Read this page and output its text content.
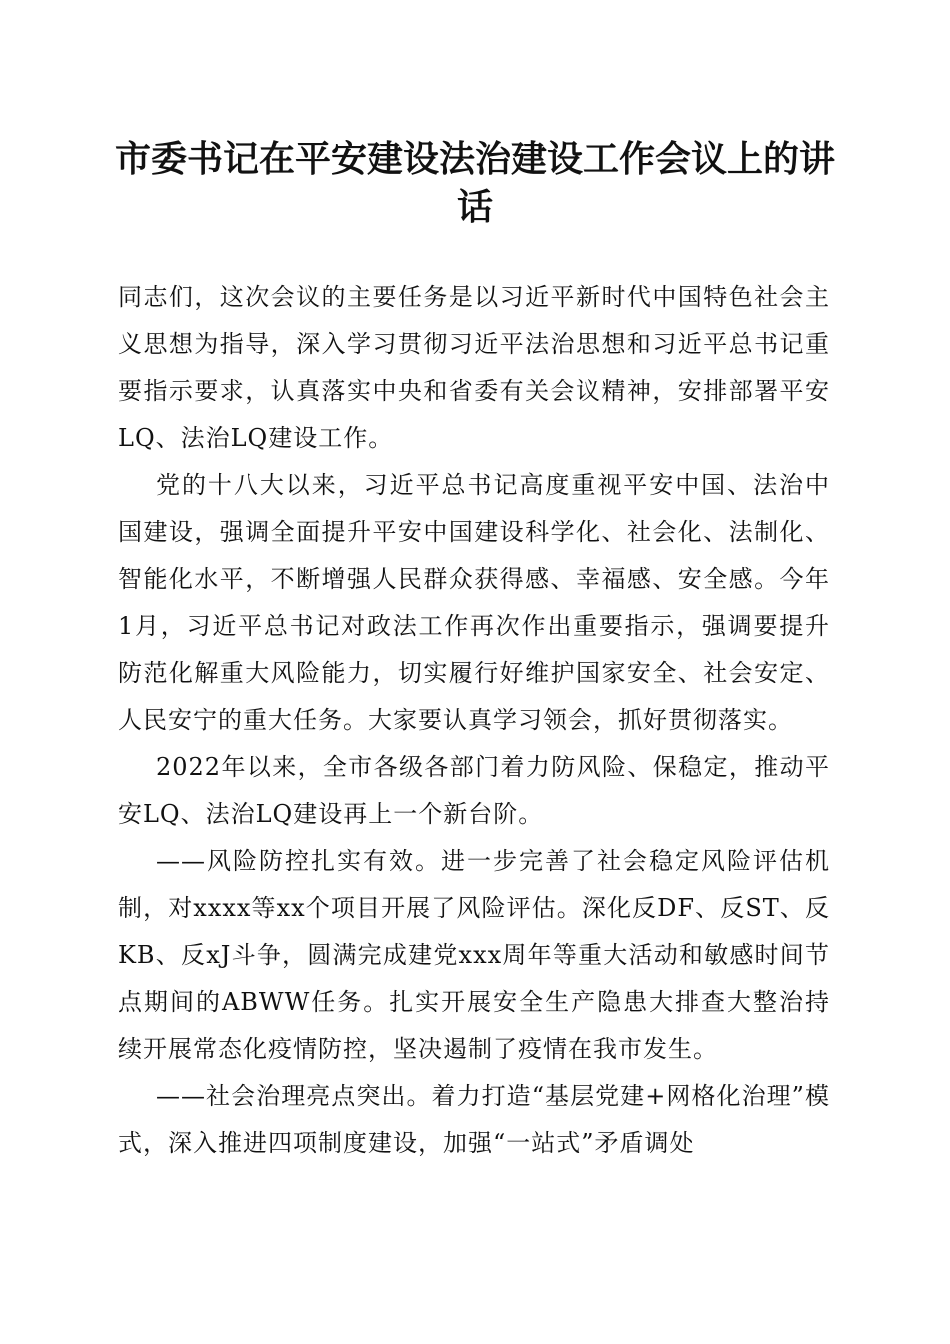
市委书记在平安建设法治建设工作会议上的讲话

同志们，这次会议的主要任务是以习近平新时代中国特色社会主义思想为指导，深入学习贯彻习近平法治思想和习近平总书记重要指示要求，认真落实中央和省委有关会议精神，安排部署平安LQ、法治LQ建设工作。

党的十八大以来，习近平总书记高度重视平安中国、法治中国建设，强调全面提升平安中国建设科学化、社会化、法制化、智能化水平，不断增强人民群众获得感、幸福感、安全感。今年1月，习近平总书记对政法工作再次作出重要指示，强调要提升防范化解重大风险能力，切实履行好维护国家安全、社会安定、人民安宁的重大任务。大家要认真学习领会，抓好贯彻落实。

2022年以来，全市各级各部门着力防风险、保稳定，推动平安LQ、法治LQ建设再上一个新台阶。

——风险防控扎实有效。进一步完善了社会稳定风险评估机制，对xxxx等xx个项目开展了风险评估。深化反DF、反ST、反KB、反xJ斗争，圆满完成建党xxx周年等重大活动和敏感时间节点期间的ABWW任务。扎实开展安全生产隐患大排查大整治持续开展常态化疫情防控，坚决遏制了疫情在我市发生。

——社会治理亮点突出。着力打造“基层党建+网格化治理”模式，深入推进四项制度建设，加强“一站式”矛盾调处
